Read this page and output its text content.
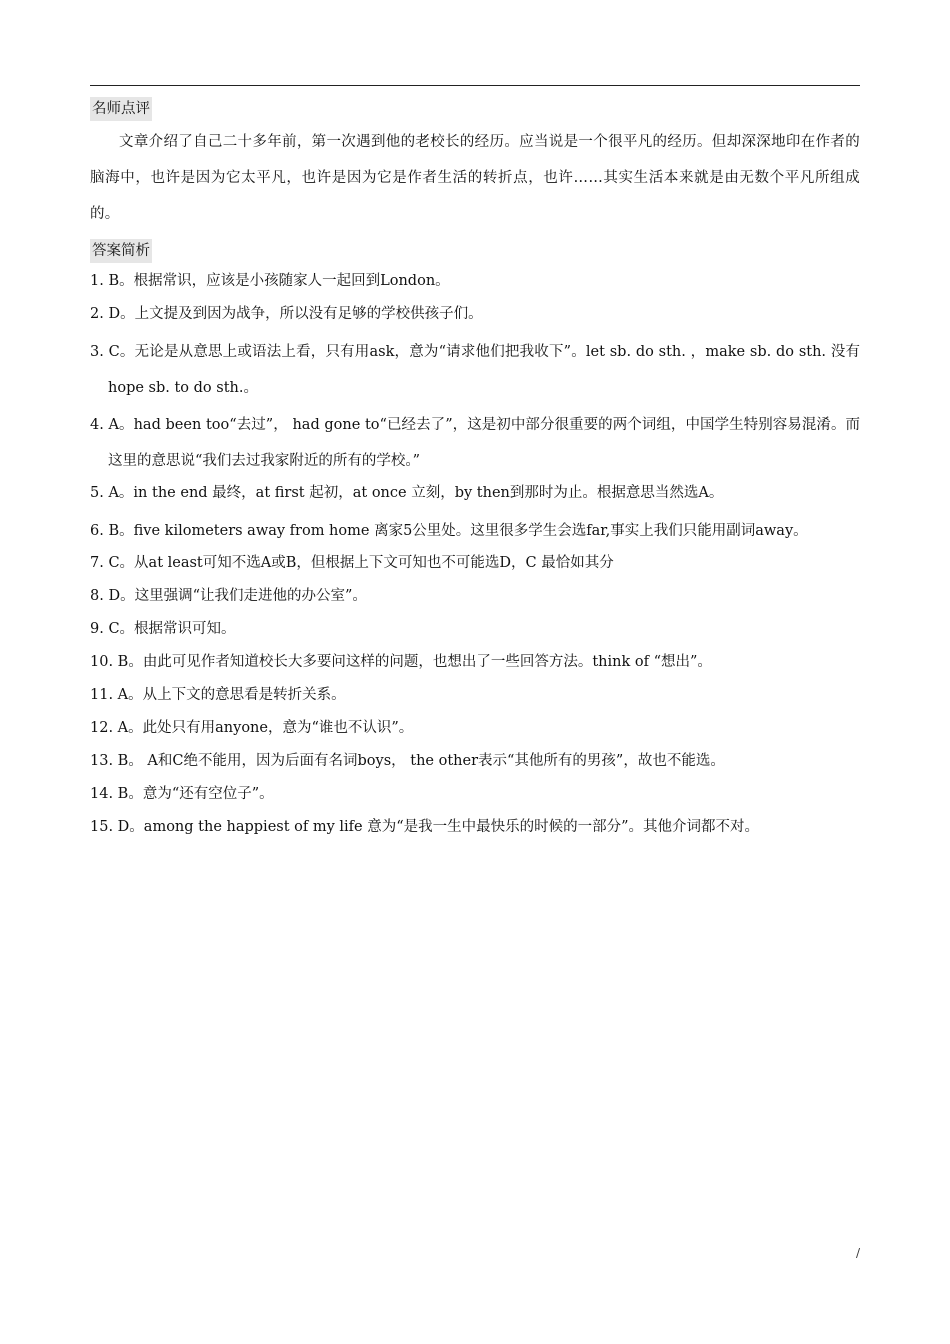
名师点评

文章介绍了自己二十多年前，第一次遇到他的老校长的经历。应当说是一个很平凡的经历。但却深深地印在作者的脑海中，也许是因为它太平凡，也许是因为它是作者生活的转折点，也许……其实生活本来就是由无数个平凡所组成的。

答案简析
1. B。根据常识，应该是小孩随家人一起回到London。
2. D。上文提及到因为战争，所以没有足够的学校供孩子们。
3. C。无论是从意思上或语法上看，只有用ask，意为“请求他们把我收下”。let sb. do sth. ，make sb. do sth. 没有 hope sb. to do sth.。
4. A。had been too“去过”， had gone to“已经去了”，这是初中部分很重要的两个词组，中国学生特别容易混淆。而这里的意思说“我们去过我家附近的所有的学校。”
5. A。in the end 最终，at first 起初，at once 立刻，by then到那时为止。根据意思当然选A。
6. B。five kilometers away from home 离家5公里处。这里很多学生会选far,事实上我们只能用副词away。
7. C。从at least可知不选A或B，但根据上下文可知也不可能选D，C 最恰如其分
8. D。这里强调“让我们走进他的办公室”。
9. C。根据常识可知。
10. B。由此可见作者知道校长大多要问这样的问题，也想出了一些回答方法。think of “想出”。
11. A。从上下文的意思看是转折关系。
12. A。此处只有用anyone，意为“谁也不认识”。
13. B。 A和C绝不能用，因为后面有名词boys， the other表示“其他所有的男孩”，故也不能选。
14. B。意为“还有空位子”。
15. D。among the happiest of my life 意为“是我一生中最快乐的时候的一部分”。其他介词都不对。
/
